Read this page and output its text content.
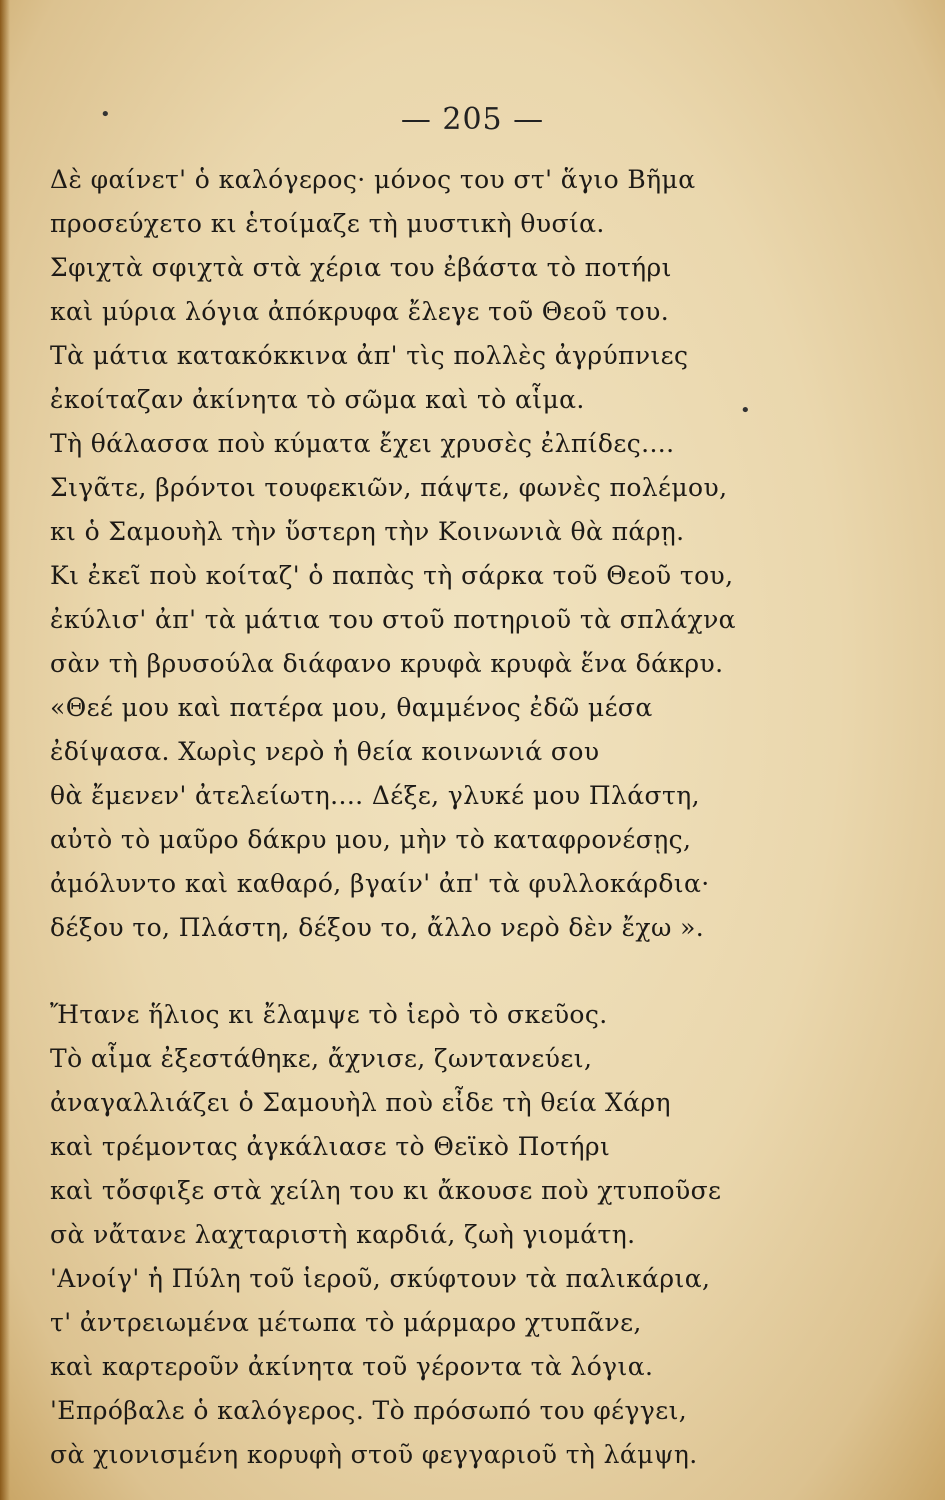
•
•
— 205 —
Δὲ φαίνετ' ὁ καλόγερος· μόνος του στ' ἅγιο Βῆμα
προσεύχετο κι ἑτοίμαζε τὴ μυστικὴ θυσία.
Σφιχτὰ σφιχτὰ στὰ χέρια του ἐβάστα τὸ ποτήρι
καὶ μύρια λόγια ἀπόκρυφα ἔλεγε τοῦ Θεοῦ του.
Τὰ μάτια κατακόκκινα ἀπ' τὶς πολλὲς ἀγρύπνιες
ἐκοίταζαν ἀκίνητα τὸ σῶμα καὶ τὸ αἷμα.
Τὴ θάλασσα ποὺ κύματα ἔχει χρυσὲς ἐλπίδες....
Σιγᾶτε, βρόντοι τουφεκιῶν, πάψτε, φωνὲς πολέμου,
κι ὁ Σαμουὴλ τὴν ὕστερη τὴν Κοινωνιὰ θὰ πάρῃ.
Κι ἐκεῖ ποὺ κοίταζ' ὁ παπὰς τὴ σάρκα τοῦ Θεοῦ του,
ἐκύλισ' ἀπ' τὰ μάτια του στοῦ ποτηριοῦ τὰ σπλάχνα
σὰν τὴ βρυσούλα διάφανο κρυφὰ κρυφὰ ἕνα δάκρυ.
«Θεέ μου καὶ πατέρα μου, θαμμένος ἐδῶ μέσα
ἐδίψασα. Χωρὶς νερὸ ἡ θεία κοινωνιά σου
θὰ ἔμενεν' ἀτελείωτη.... Δέξε, γλυκέ μου Πλάστη,
αὐτὸ τὸ μαῦρο δάκρυ μου, μὴν τὸ καταφρονέσῃς,
ἀμόλυντο καὶ καθαρό, βγαίν' ἀπ' τὰ φυλλοκάρδια·
δέξου το, Πλάστη, δέξου το, ἄλλο νερὸ δὲν ἔχω ».
Ἤτανε ἥλιος κι ἔλαμψε τὸ ἱερὸ τὸ σκεῦος.
Τὸ αἷμα ἐξεστάθηκε, ἄχνισε, ζωντανεύει,
ἀναγαλλιάζει ὁ Σαμουὴλ ποὺ εἶδε τὴ θεία Χάρη
καὶ τρέμοντας ἀγκάλιασε τὸ Θεϊκὸ Ποτήρι
καὶ τὄσφιξε στὰ χείλη του κι ἄκουσε ποὺ χτυποῦσε
σὰ νἄτανε λαχταριστὴ καρδιά, ζωὴ γιομάτη.
'Ανοίγ' ἡ Πύλη τοῦ ἱεροῦ, σκύφτουν τὰ παλικάρια,
τ' ἀντρειωμένα μέτωπα τὸ μάρμαρο χτυπᾶνε,
καὶ καρτεροῦν ἀκίνητα τοῦ γέροντα τὰ λόγια.
'Επρόβαλε ὁ καλόγερος. Τὸ πρόσωπό του φέγγει,
σὰ χιονισμένη κορυφὴ στοῦ φεγγαριοῦ τὴ λάμψη.
